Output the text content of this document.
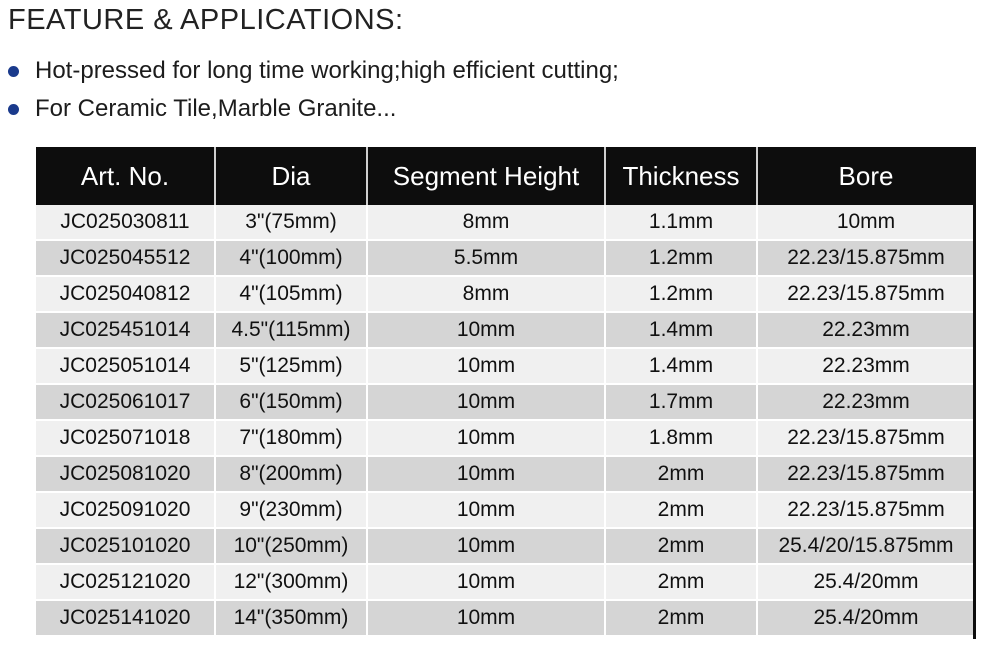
FEATURE & APPLICATIONS:
Hot-pressed for long time working;high efficient cutting;
For Ceramic Tile,Marble Granite...
Art. No.	Dia	Segment Height	Thickness	Bore
JC025030811	3"(75mm)	8mm	1.1mm	10mm
JC025045512	4"(100mm)	5.5mm	1.2mm	22.23/15.875mm
JC025040812	4"(105mm)	8mm	1.2mm	22.23/15.875mm
JC025451014	4.5"(115mm)	10mm	1.4mm	22.23mm
JC025051014	5"(125mm)	10mm	1.4mm	22.23mm
JC025061017	6"(150mm)	10mm	1.7mm	22.23mm
JC025071018	7"(180mm)	10mm	1.8mm	22.23/15.875mm
JC025081020	8"(200mm)	10mm	2mm	22.23/15.875mm
JC025091020	9"(230mm)	10mm	2mm	22.23/15.875mm
JC025101020	10"(250mm)	10mm	2mm	25.4/20/15.875mm
JC025121020	12"(300mm)	10mm	2mm	25.4/20mm
JC025141020	14"(350mm)	10mm	2mm	25.4/20mm
